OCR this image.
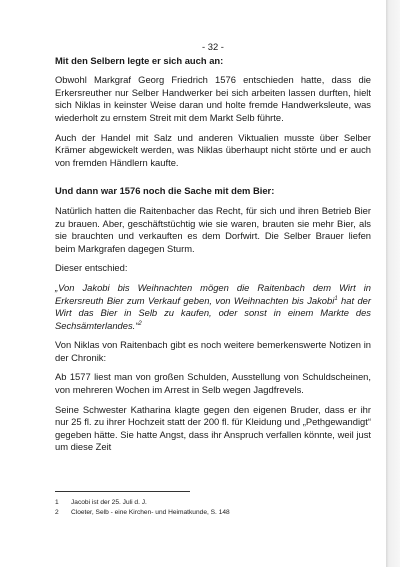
- 32 -
Mit den Selbern legte er sich auch an:

Obwohl Markgraf Georg Friedrich 1576 entschieden hatte, dass die Erkersreuther nur Selber Handwerker bei sich arbeiten lassen durften, hielt sich Niklas in keinster Weise daran und holte fremde Handwerksleute, was wiederholt zu ernstem Streit mit dem Markt Selb führte.

Auch der Handel mit Salz und anderen Viktualien musste über Selber Krämer abgewickelt werden, was Niklas überhaupt nicht störte und er auch von fremden Händlern kaufte.

Und dann war 1576 noch die Sache mit dem Bier:

Natürlich hatten die Raitenbacher das Recht, für sich und ihren Betrieb Bier zu brauen. Aber, geschäftstüchtig wie sie waren, brauten sie mehr Bier, als sie brauchten und verkauften es dem Dorfwirt. Die Selber Brauer liefen beim Markgrafen dagegen Sturm.

Dieser entschied:

„Von Jakobi bis Weihnachten mögen die Raitenbach dem Wirt in Erkersreuth Bier zum Verkauf geben, von Weihnachten bis Jakobi$^1$ hat der Wirt das Bier in Selb zu kaufen, oder sonst in einem Markte des Sechsämterlandes.“$^2$

Von Niklas von Raitenbach gibt es noch weitere bemerkenswerte Notizen in der Chronik:

Ab 1577 liest man von großen Schulden, Ausstellung von Schuldscheinen, von mehreren Wochen im Arrest in Selb wegen Jagdfrevels.

Seine Schwester Katharina klagte gegen den eigenen Bruder, dass er ihr nur 25 fl. zu ihrer Hochzeit statt der 200 fl. für Kleidung und „Pethgewandigt“ gegeben hätte. Sie hatte Angst, dass ihr Anspruch verfallen könnte, weil just um diese Zeit

1	Jacobi ist der 25. Juli d. J.
2	Cloeter, Selb - eine Kirchen- und Heimatkunde, S. 148
